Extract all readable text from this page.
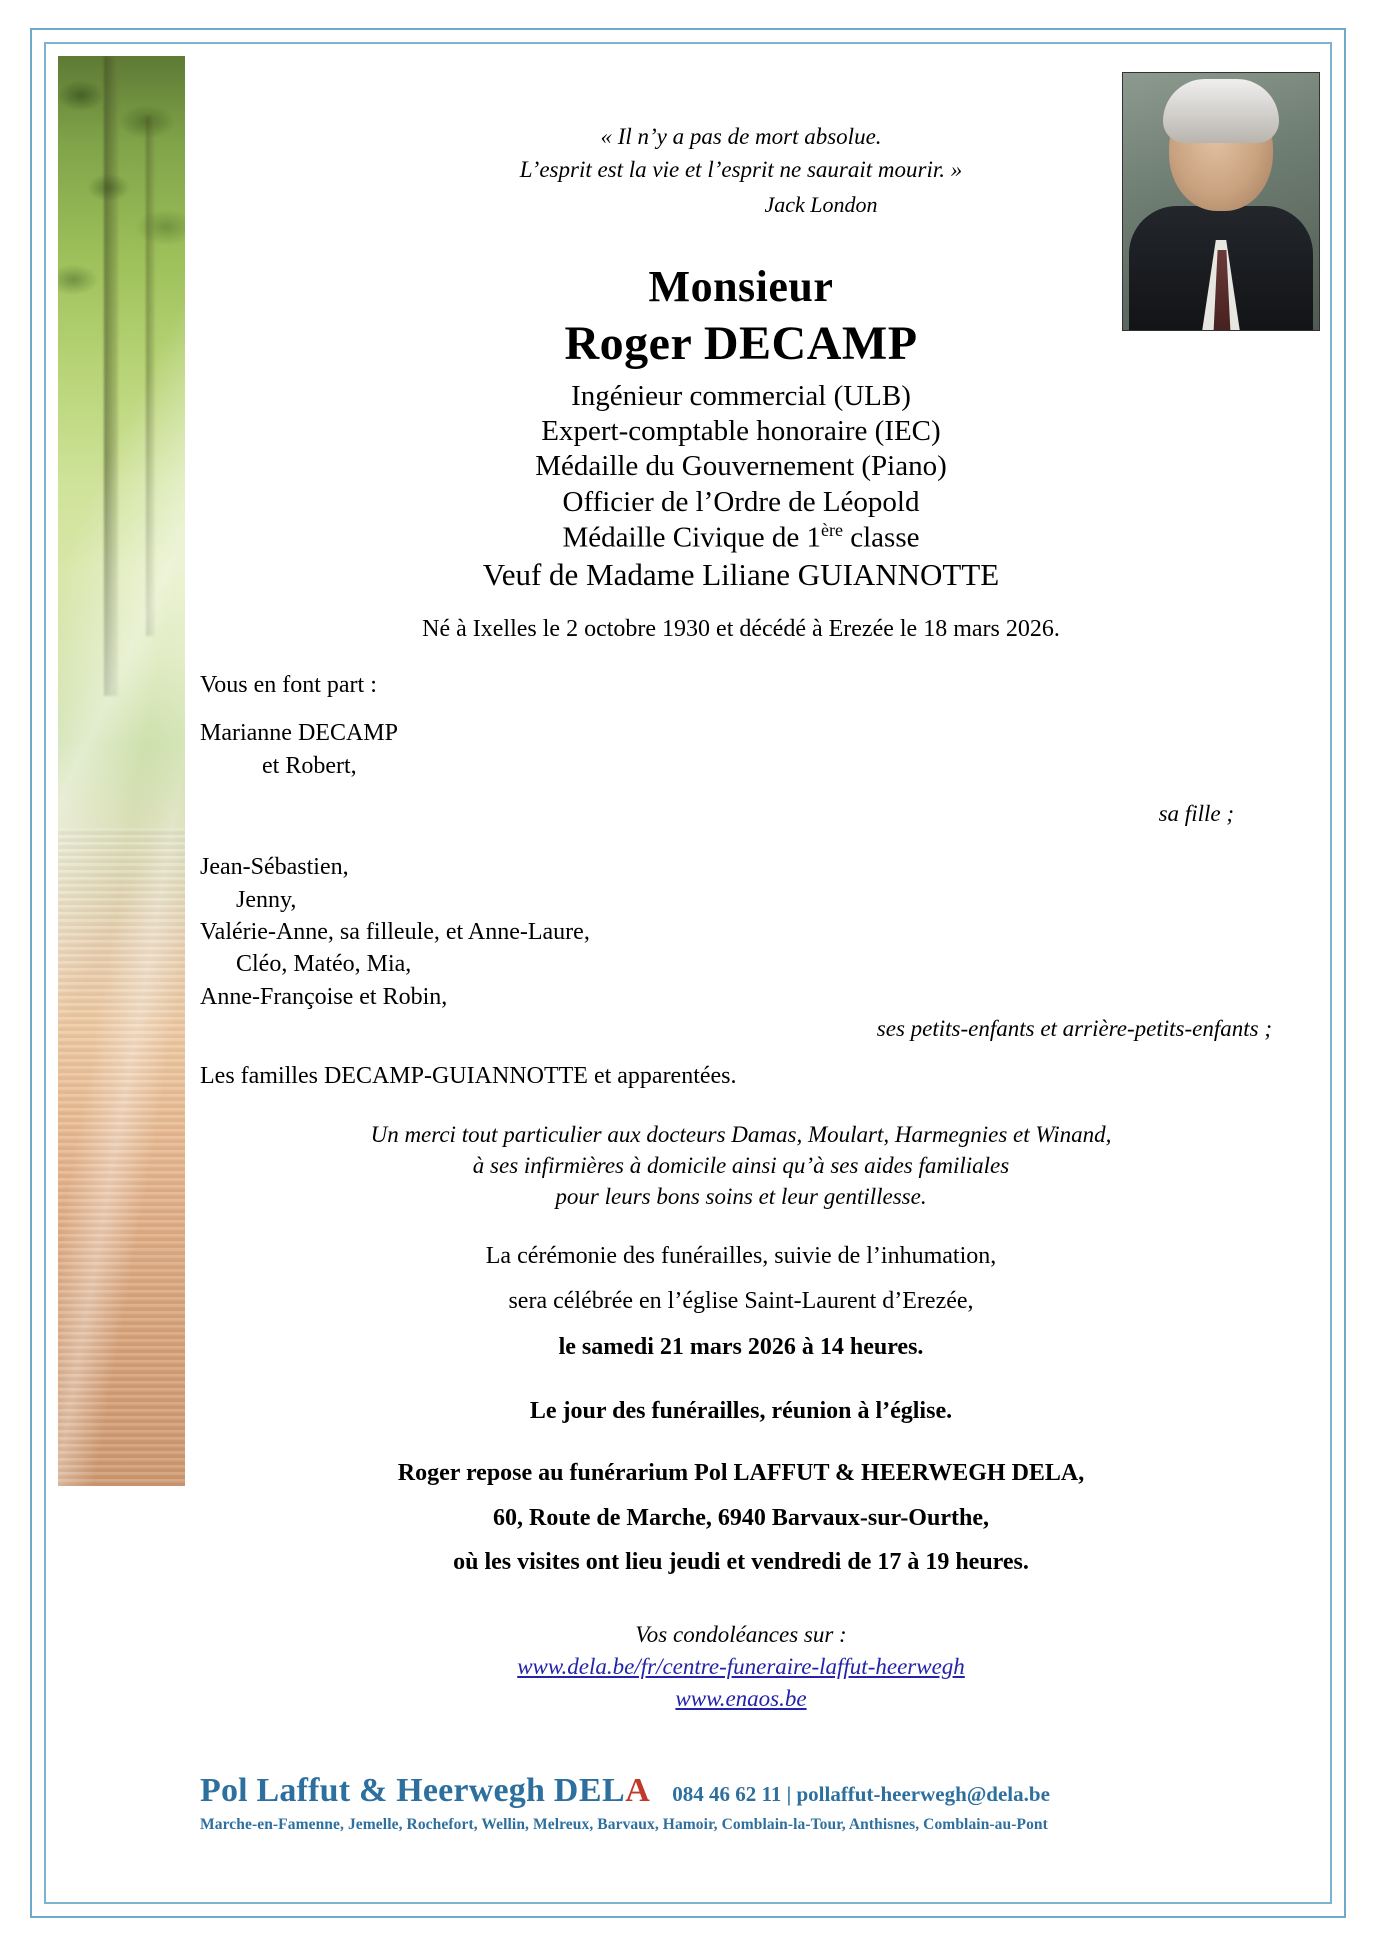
« Il n’y a pas de mort absolue.
L’esprit est la vie et l’esprit ne saurait mourir. »
Jack London
Monsieur
Roger DECAMP
Ingénieur commercial (ULB)
Expert-comptable honoraire (IEC)
Médaille du Gouvernement (Piano)
Officier de l’Ordre de Léopold
Médaille Civique de 1ère classe
Veuf de Madame Liliane GUIANNOTTE
Né à Ixelles le 2 octobre 1930 et décédé à Erezée le 18 mars 2026.
Vous en font part :
Marianne DECAMP
et Robert,
sa fille ;
Jean-Sébastien,
Jenny,
Valérie-Anne, sa filleule, et Anne-Laure,
Cléo, Matéo, Mia,
Anne-Françoise et Robin,
ses petits-enfants et arrière-petits-enfants ;
Les familles DECAMP-GUIANNOTTE et apparentées.
Un merci tout particulier aux docteurs Damas, Moulart, Harmegnies et Winand,
à ses infirmières à domicile ainsi qu’à ses aides familiales
pour leurs bons soins et leur gentillesse.
La cérémonie des funérailles, suivie de l’inhumation,
sera célébrée en l’église Saint-Laurent d’Erezée,
le samedi 21 mars 2026 à 14 heures.
Le jour des funérailles, réunion à l’église.
Roger repose au funérarium Pol LAFFUT & HEERWEGH DELA,
60, Route de Marche, 6940 Barvaux-sur-Ourthe,
où les visites ont lieu jeudi et vendredi de 17 à 19 heures.
Vos condoléances sur :
www.dela.be/fr/centre-funeraire-laffut-heerwegh
www.enaos.be
Pol Laffut & Heerwegh DELA 084 46 62 11 | pollaffut-heerwegh@dela.be
Marche-en-Famenne, Jemelle, Rochefort, Wellin, Melreux, Barvaux, Hamoir, Comblain-la-Tour, Anthisnes, Comblain-au-Pont
